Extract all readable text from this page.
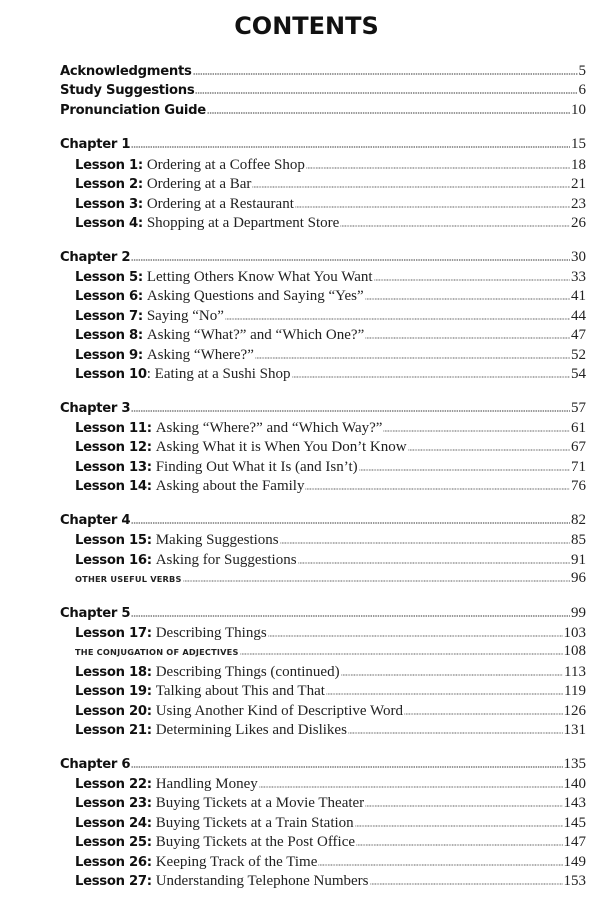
CONTENTS
Acknowledgments	5
Study Suggestions	6
Pronunciation Guide	10
Chapter 1	15
Lesson 1: Ordering at a Coffee Shop	18
Lesson 2: Ordering at a Bar	21
Lesson 3: Ordering at a Restaurant	23
Lesson 4: Shopping at a Department Store	26
Chapter 2	30
Lesson 5: Letting Others Know What You Want	33
Lesson 6: Asking Questions and Saying “Yes”	41
Lesson 7: Saying “No”	44
Lesson 8: Asking “What?” and “Which One?”	47
Lesson 9: Asking “Where?”	52
Lesson 10: Eating at a Sushi Shop	54
Chapter 3	57
Lesson 11: Asking “Where?” and “Which Way?”	61
Lesson 12: Asking What it is When You Don’t Know	67
Lesson 13: Finding Out What it Is (and Isn’t)	71
Lesson 14: Asking about the Family	76
Chapter 4	82
Lesson 15: Making Suggestions	85
Lesson 16: Asking for Suggestions	91
OTHER USEFUL VERBS	96
Chapter 5	99
Lesson 17: Describing Things	103
THE CONJUGATION OF ADJECTIVES	108
Lesson 18: Describing Things (continued)	113
Lesson 19: Talking about This and That	119
Lesson 20: Using Another Kind of Descriptive Word	126
Lesson 21: Determining Likes and Dislikes	131
Chapter 6	135
Lesson 22: Handling Money	140
Lesson 23: Buying Tickets at a Movie Theater	143
Lesson 24: Buying Tickets at a Train Station	145
Lesson 25: Buying Tickets at the Post Office	147
Lesson 26: Keeping Track of the Time	149
Lesson 27: Understanding Telephone Numbers	153
